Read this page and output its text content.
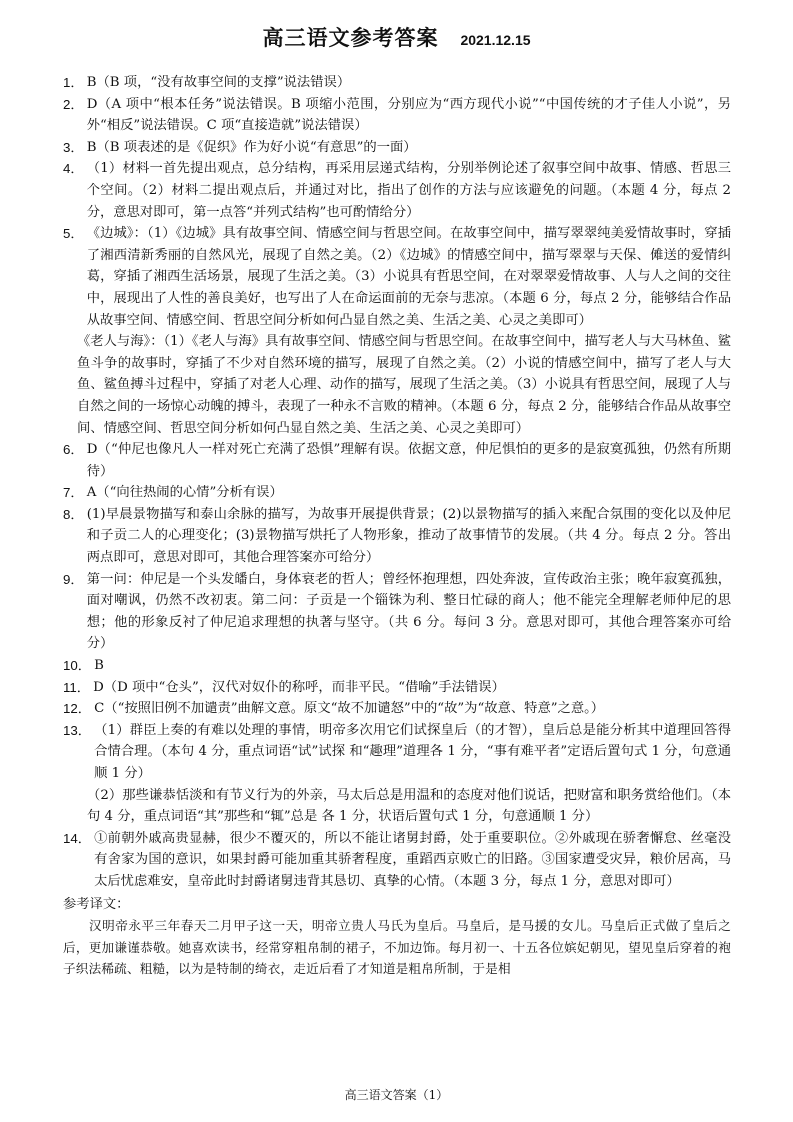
高三语文参考答案 2021.12.15
1． B（B 项，“没有故事空间的支撑”说法错误）
2． D（A 项中“根本任务”说法错误。B 项缩小范围，分别应为“西方现代小说”“中国传统的才子佳人小说”，另外“相反”说法错误。C 项“直接造就”说法错误）
3． B（B 项表述的是《促织》作为好小说“有意思”的一面）
4． （1）材料一首先提出观点，总分结构，再采用层递式结构，分别举例论述了叙事空间中故事、情感、哲思三个空间。（2）材料二提出观点后，并通过对比，指出了创作的方法与应该避免的问题。（本题 4 分，每点 2 分，意思对即可，第一点答“并列式结构”也可酌情给分）
5． 《边城》：（1）《边城》具有故事空间、情感空间与哲思空间。在故事空间中，描写翠翠纯美爱情故事时，穿插了湘西清新秀丽的自然风光，展现了自然之美。（2）《边城》的情感空间中，描写翠翠与天保、傩送的爱情纠葛，穿插了湘西生活场景，展现了生活之美。（3）小说具有哲思空间，在对翠翠爱情故事、人与人之间的交往中，展现出了人性的善良美好，也写出了人在命运面前的无奈与悲凉。（本题 6 分，每点 2 分，能够结合作品从故事空间、情感空间、哲思空间分析如何凸显自然之美、生活之美、心灵之美即可）
《老人与海》：（1）《老人与海》具有故事空间、情感空间与哲思空间。在故事空间中，描写老人与大马林鱼、鲨鱼斗争的故事时，穿插了不少对自然环境的描写，展现了自然之美。（2）小说的情感空间中，描写了老人与大鱼、鲨鱼搏斗过程中，穿插了对老人心理、动作的描写，展现了生活之美。（3）小说具有哲思空间，展现了人与自然之间的一场惊心动魄的搏斗，表现了一种永不言败的精神。（本题 6 分，每点 2 分，能够结合作品从故事空间、情感空间、哲思空间分析如何凸显自然之美、生活之美、心灵之美即可）
6． D（“仲尼也像凡人一样对死亡充满了恐惧”理解有误。依据文意，仲尼惧怕的更多的是寂寞孤独，仍然有所期待）
7． A（“向往热闹的心情”分析有误）
8． (1)早晨景物描写和泰山余脉的描写，为故事开展提供背景；(2)以景物描写的插入来配合氛围的变化以及仲尼和子贡二人的心理变化；(3)景物描写烘托了人物形象，推动了故事情节的发展。（共 4 分。每点 2 分。答出两点即可，意思对即可，其他合理答案亦可给分）
9． 第一问：仲尼是一个头发皤白，身体衰老的哲人；曾经怀抱理想，四处奔波，宣传政治主张；晚年寂寞孤独，面对嘲讽，仍然不改初衷。第二问：子贡是一个锱铢为利、整日忙碌的商人；他不能完全理解老师仲尼的思想；他的形象反衬了仲尼追求理想的执著与坚守。（共 6 分。每问 3 分。意思对即可，其他合理答案亦可给分）
10． B
11． D（D 项中“仓头”，汉代对奴仆的称呼，而非平民。“借喻”手法错误）
12． C（“按照旧例不加谴责”曲解文意。原文“故不加谴怒”中的“故”为“故意、特意”之意。）
13． （1）群臣上奏的有难以处理的事情，明帝多次用它们试探皇后（的才智），皇后总是能分析其中道理回答得合情合理。（本句 4 分，重点词语“试”试探 和“趣理”道理各 1 分，“事有难平者”定语后置句式 1 分，句意通顺 1 分）
（2）那些谦恭恬淡和有节义行为的外亲，马太后总是用温和的态度对他们说话，把财富和职务赏给他们。（本句 4 分，重点词语“其”那些和“辄”总是 各 1 分，状语后置句式 1 分，句意通顺 1 分）
14． ①前朝外戚高贵显赫，很少不覆灭的，所以不能让诸舅封爵，处于重要职位。②外戚现在骄奢懈怠、丝毫没有舍家为国的意识，如果封爵可能加重其骄奢程度，重蹈西京败亡的旧路。③国家遭受灾异，粮价居高，马太后忧虑难安，皇帝此时封爵诸舅违背其恳切、真挚的心情。（本题 3 分，每点 1 分，意思对即可）
参考译文：
汉明帝永平三年春天二月甲子这一天，明帝立贵人马氏为皇后。马皇后，是马援的女儿。马皇后正式做了皇后之后，更加谦谨恭敬。她喜欢读书，经常穿粗帛制的裙子，不加边饰。每月初一、十五各位嫔妃朝见，望见皇后穿着的袍子织法稀疏、粗糙，以为是特制的绮衣，走近后看了才知道是粗帛所制，于是相
高三语文答案（1）
